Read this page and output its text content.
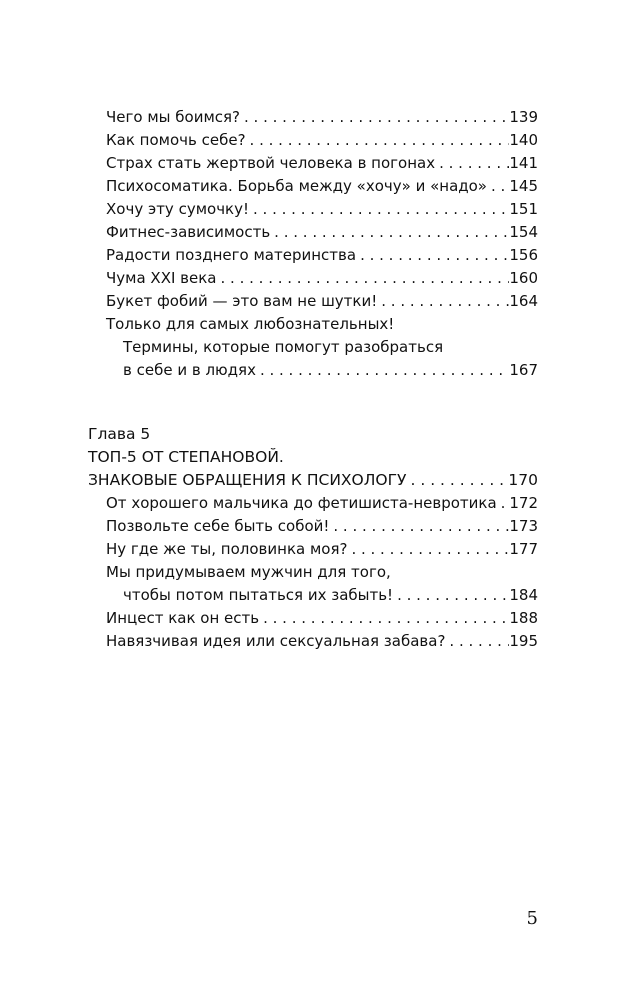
Чего мы боимся? . . .	139
Как помочь себе? . . .	140
Страх стать жертвой человека в погонах . . .	141
Психосоматика. Борьба между «хочу» и «надо» . . . 145
Хочу эту сумочку! . . .	151
Фитнес-зависимость . . .	154
Радости позднего материнства . . .	156
Чума XXI века . . .	160
Букет фобий — это вам не шутки! . . .	164
Только для самых любознательных!
Термины, которые помогут разобраться
в себе и в людях . . .	167
Глава 5
ТОП-5 ОТ СТЕПАНОВОЙ.
ЗНАКОВЫЕ ОБРАЩЕНИЯ К ПСИХОЛОГУ . . .	170
От хорошего мальчика до фетишиста-невротика . . . 172
Позвольте себе быть собой! . . .	173
Ну где же ты, половинка моя? . . .	177
Мы придумываем мужчин для того,
чтобы потом пытаться их забыть! . . .	184
Инцест как он есть . . .	188
Навязчивая идея или сексуальная забава? . . .	195
5
